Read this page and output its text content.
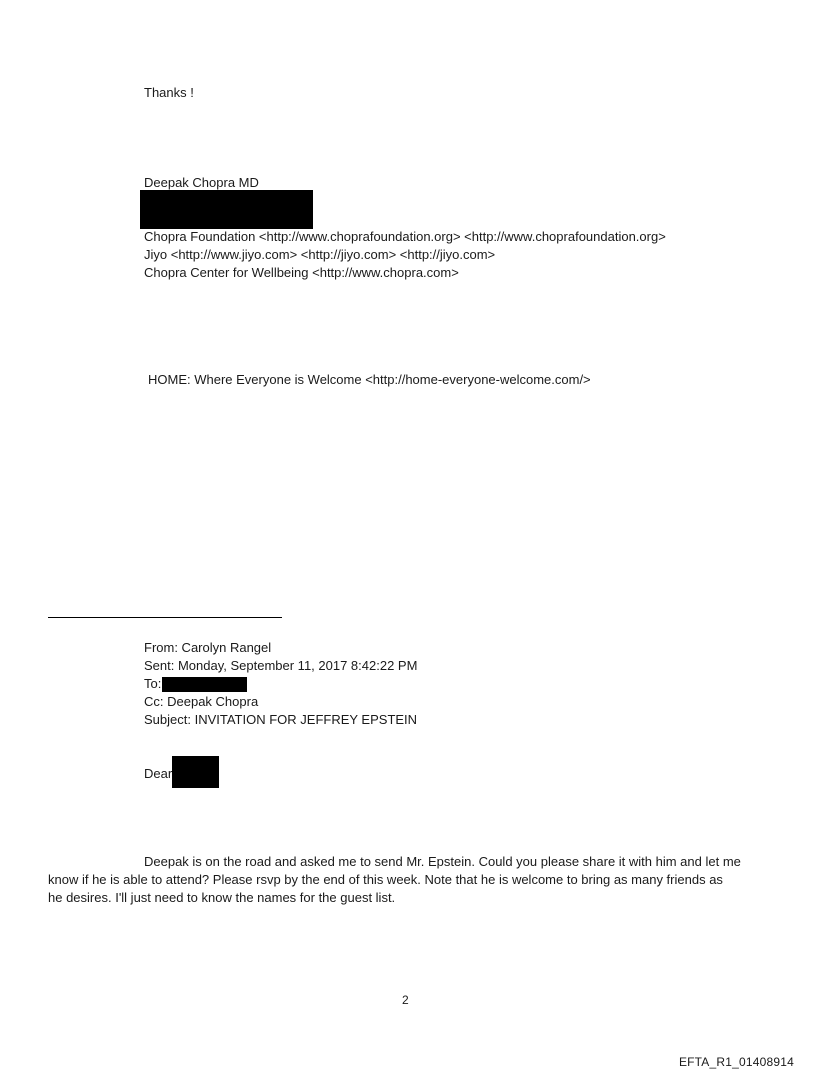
Thanks !
Deepak Chopra MD
Chopra Foundation <http://www.choprafoundation.org> <http://www.choprafoundation.org>
Jiyo <http://www.jiyo.com> <http://jiyo.com> <http://jiyo.com>
Chopra Center for Wellbeing <http://www.chopra.com>
HOME: Where Everyone is Welcome <http://home-everyone-welcome.com/>
From: Carolyn Rangel
Sent: Monday, September 11, 2017 8:42:22 PM
To:
Cc: Deepak Chopra
Subject: INVITATION FOR JEFFREY EPSTEIN
Dear
Deepak is on the road and asked me to send Mr. Epstein. Could you please share it with him and let me
know if he is able to attend? Please rsvp by the end of this week. Note that he is welcome to bring as many friends as
he desires. I'll just need to know the names for the guest list.
2
EFTA_R1_01408914
